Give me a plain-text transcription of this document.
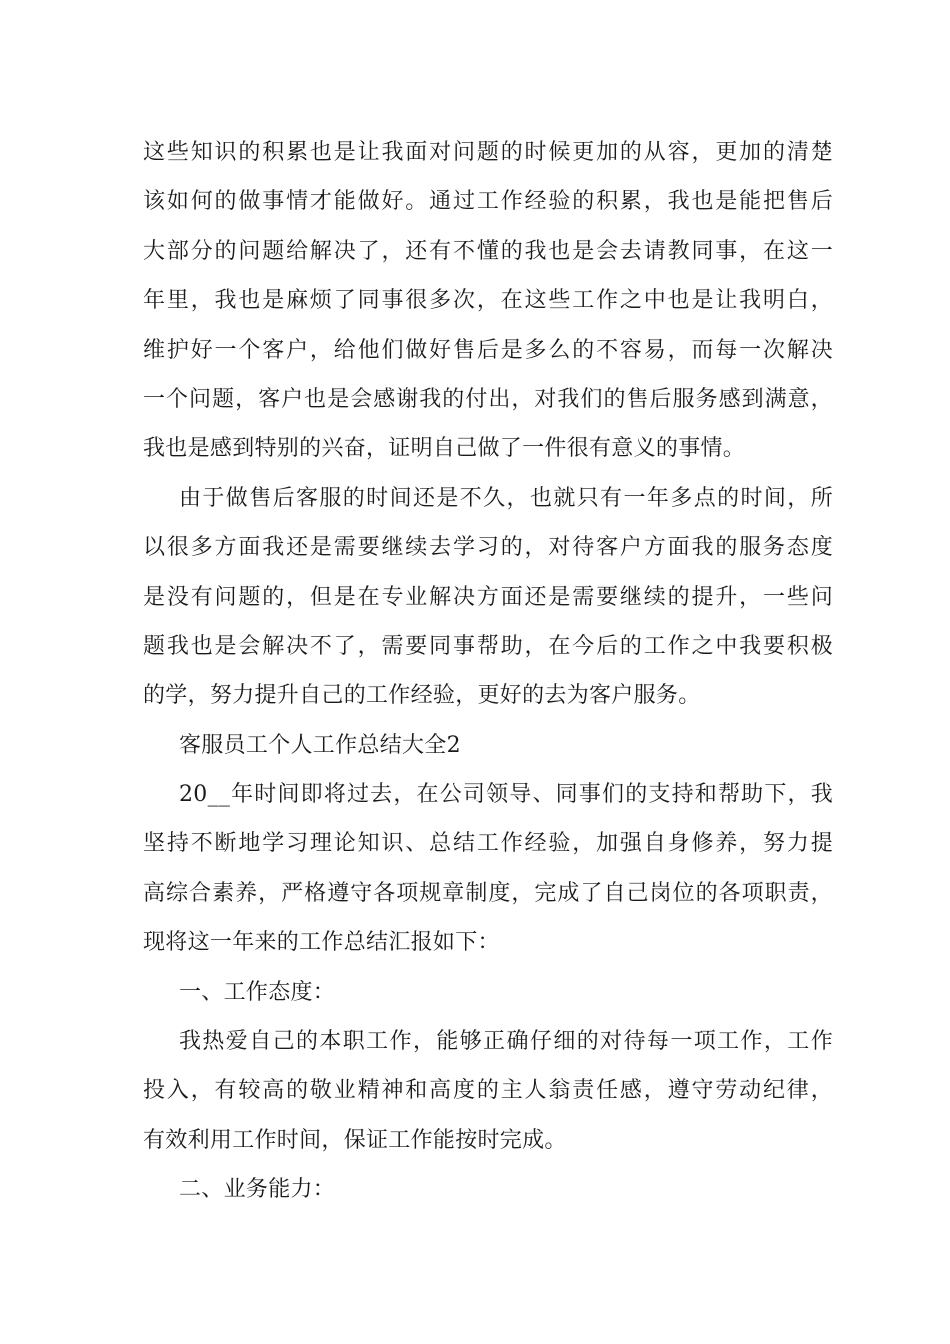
这些知识的积累也是让我面对问题的时候更加的从容，更加的清楚
该如何的做事情才能做好。通过工作经验的积累，我也是能把售后
大部分的问题给解决了，还有不懂的我也是会去请教同事，在这一
年里，我也是麻烦了同事很多次，在这些工作之中也是让我明白，
维护好一个客户，给他们做好售后是多么的不容易，而每一次解决
一个问题，客户也是会感谢我的付出，对我们的售后服务感到满意，
我也是感到特别的兴奋，证明自己做了一件很有意义的事情。
由于做售后客服的时间还是不久，也就只有一年多点的时间，所
以很多方面我还是需要继续去学习的，对待客户方面我的服务态度
是没有问题的，但是在专业解决方面还是需要继续的提升，一些问
题我也是会解决不了，需要同事帮助，在今后的工作之中我要积极
的学，努力提升自己的工作经验，更好的去为客户服务。
客服员工个人工作总结大全2
20__年时间即将过去，在公司领导、同事们的支持和帮助下，我
坚持不断地学习理论知识、总结工作经验，加强自身修养，努力提
高综合素养，严格遵守各项规章制度，完成了自己岗位的各项职责，
现将这一年来的工作总结汇报如下：
一、工作态度：
我热爱自己的本职工作，能够正确仔细的对待每一项工作，工作
投入，有较高的敬业精神和高度的主人翁责任感，遵守劳动纪律，
有效利用工作时间，保证工作能按时完成。
二、业务能力：
